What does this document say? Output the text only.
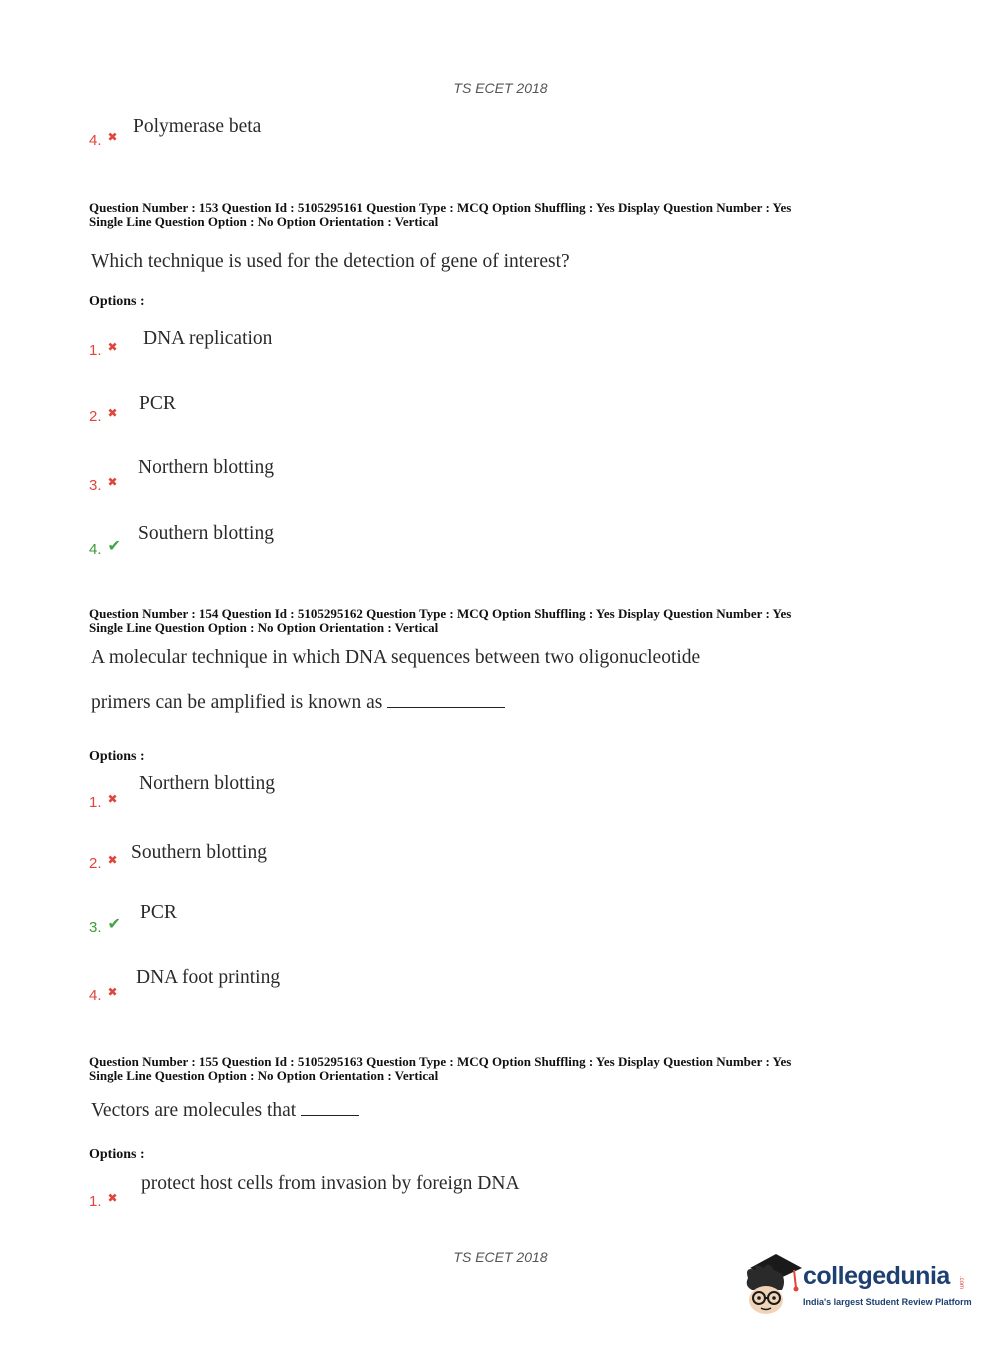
TS ECET 2018
4. ✖ Polymerase beta
Question Number : 153 Question Id : 5105295161 Question Type : MCQ Option Shuffling : Yes Display Question Number : Yes
Single Line Question Option : No Option Orientation : Vertical
Which technique is used for the detection of gene of interest?
Options :
1. ✖ DNA replication
2. ✖ PCR
3. ✖
Northern blotting
4. ✔
Southern blotting
Question Number : 154 Question Id : 5105295162 Question Type : MCQ Option Shuffling : Yes Display Question Number : Yes
Single Line Question Option : No Option Orientation : Vertical
A molecular technique in which DNA sequences between two oligonucleotide
primers can be amplified is known as
Options :
1. ✖
Northern blotting
2. ✖ Southern blotting
3. ✔
PCR
4. ✖
DNA foot printing
Question Number : 155 Question Id : 5105295163 Question Type : MCQ Option Shuffling : Yes Display Question Number : Yes
Single Line Question Option : No Option Orientation : Vertical
Vectors are molecules that
Options :
1. ✖
protect host cells from invasion by foreign DNA
TS ECET 2018
collegedunia .com
India's largest Student Review Platform
